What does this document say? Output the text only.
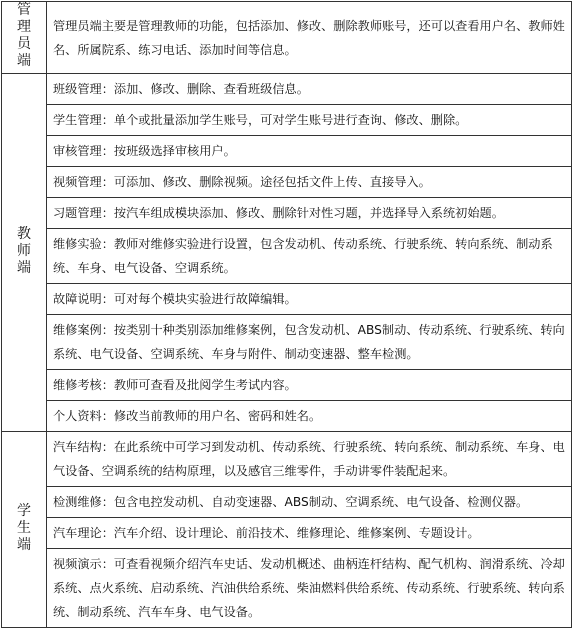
管理员端	管理员端主要是管理教师的功能，包括添加、修改、删除教师账号，还可以查看用户名、教师姓名、所属院系、练习电话、添加时间等信息。
教师端	班级管理：添加、修改、删除、查看班级信息。
	学生管理：单个或批量添加学生账号，可对学生账号进行查询、修改、删除。
	审核管理：按班级选择审核用户。
	视频管理：可添加、修改、删除视频。途径包括文件上传、直接导入。
	习题管理：按汽车组成模块添加、修改、删除针对性习题，并选择导入系统初始题。
	维修实验：教师对维修实验进行设置，包含发动机、传动系统、行驶系统、转向系统、制动系统、车身、电气设备、空调系统。
	故障说明：可对每个模块实验进行故障编辑。
	维修案例：按类别十种类别添加维修案例，包含发动机、ABS制动、传动系统、行驶系统、转向系统、电气设备、空调系统、车身与附件、制动变速器、整车检测。
	维修考核：教师可查看及批阅学生考试内容。
	个人资料：修改当前教师的用户名、密码和姓名。
学生端	汽车结构：在此系统中可学习到发动机、传动系统、行驶系统、转向系统、制动系统、车身、电气设备、空调系统的结构原理，以及感官三维零件，手动讲零件装配起来。
	检测维修：包含电控发动机、自动变速器、ABS制动、空调系统、电气设备、检测仪器。
	汽车理论：汽车介绍、设计理论、前沿技术、维修理论、维修案例、专题设计。
	视频演示：可查看视频介绍汽车史话、发动机概述、曲柄连杆结构、配气机构、润滑系统、冷却系统、点火系统、启动系统、汽油供给系统、柴油燃料供给系统、传动系统、行驶系统、转向系统、制动系统、汽车车身、电气设备。
